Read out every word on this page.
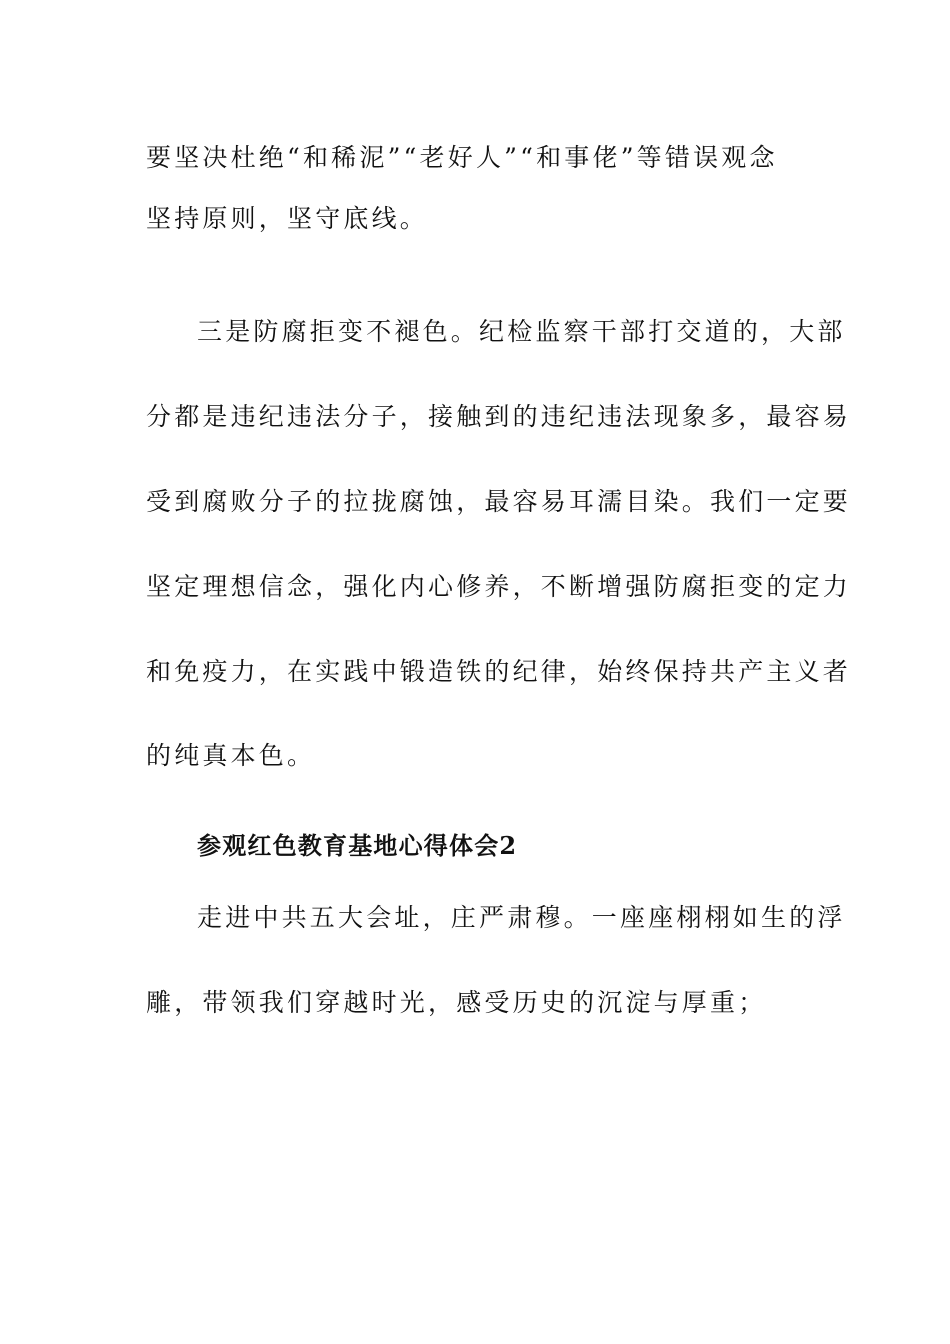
要坚决杜绝“和稀泥”“老好人”“和事佬”等错误观念
坚持原则，坚守底线。
三是防腐拒变不褪色。纪检监察干部打交道的，大部
分都是违纪违法分子，接触到的违纪违法现象多，最容易
受到腐败分子的拉拢腐蚀，最容易耳濡目染。我们一定要
坚定理想信念，强化内心修养，不断增强防腐拒变的定力
和免疫力，在实践中锻造铁的纪律，始终保持共产主义者
的纯真本色。
参观红色教育基地心得体会2
走进中共五大会址，庄严肃穆。一座座栩栩如生的浮
雕，带领我们穿越时光，感受历史的沉淀与厚重；
